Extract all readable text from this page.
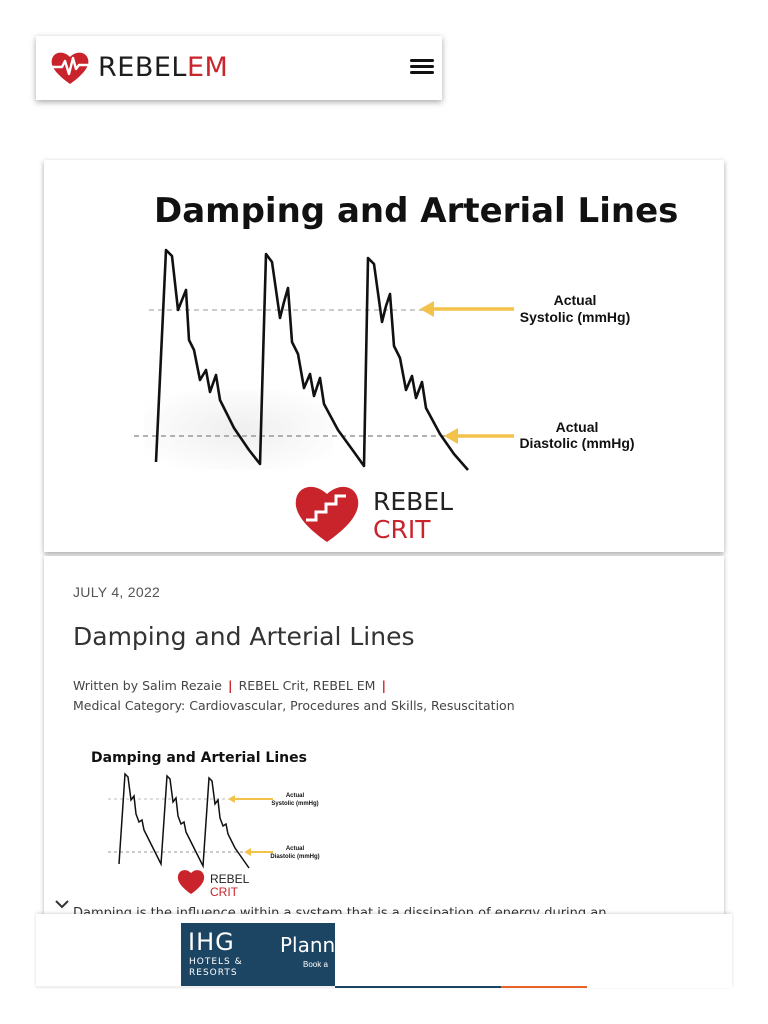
REBELEM
Damping and Arterial Lines
Actual
Systolic (mmHg)
Actual
Diastolic (mmHg)
REBEL
CRIT
JULY 4, 2022
Damping and Arterial Lines
Written by Salim Rezaie | REBEL Crit, REBEL EM |
Medical Category: Cardiovascular, Procedures and Skills, Resuscitation
Damping and Arterial Lines
Actual
Systolic (mmHg)
Actual
Diastolic (mmHg)
REBEL
CRIT
IHG
HOTELS &
RESORTS
Plann
Book a
